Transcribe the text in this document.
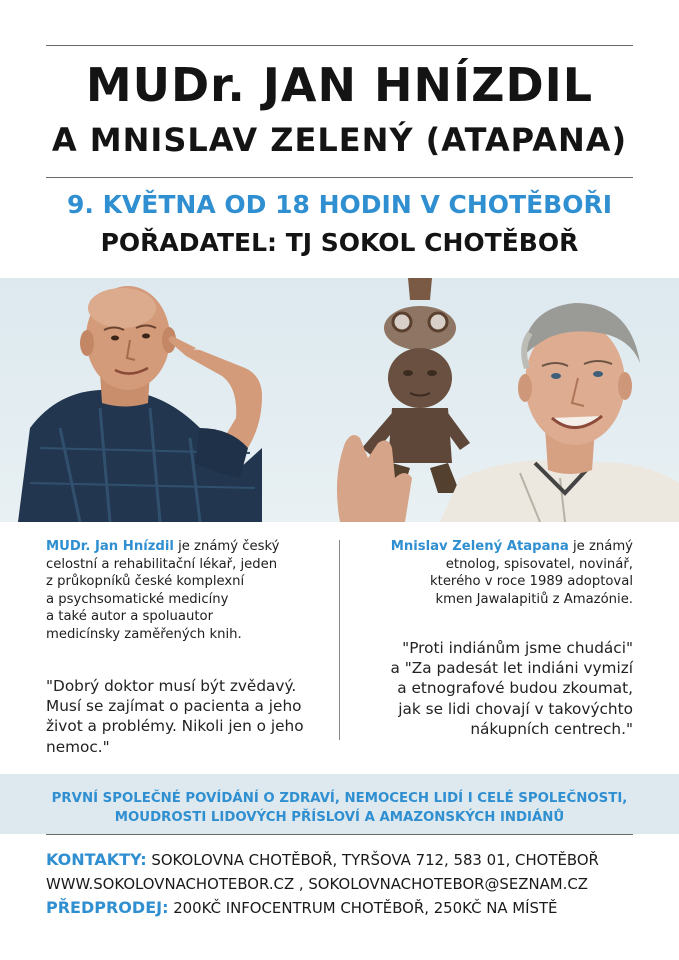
MUDr. JAN HNÍZDIL
A MNISLAV ZELENÝ (ATAPANA)
9. KVĚTNA OD 18 HODIN V CHOTĚBOŘI
POŘADATEL: TJ SOKOL CHOTĚBOŘ
MUDr. Jan Hnízdil je známý český
celostní a rehabilitační lékař, jeden
z průkopníků české komplexní
a psychsomatické medicíny
a také autor a spoluautor
medicínsky zaměřených knih.
"Dobrý doktor musí být zvědavý.
Musí se zajímat o pacienta a jeho
život a problémy. Nikoli jen o jeho
nemoc."
Mnislav Zelený Atapana je známý
etnolog, spisovatel, novinář,
kterého v roce 1989 adoptoval
kmen Jawalapitiů z Amazónie.
"Proti indiánům jsme chudáci"
a "Za padesát let indiáni vymizí
a etnografové budou zkoumat,
jak se lidi chovají v takovýchto
nákupních centrech."
PRVNÍ SPOLEČNÉ POVÍDÁNÍ O ZDRAVÍ, NEMOCECH LIDÍ I CELÉ SPOLEČNOSTI,
MOUDROSTI LIDOVÝCH PŘÍSLOVÍ A AMAZONSKÝCH INDIÁNŮ
KONTAKTY: SOKOLOVNA CHOTĚBOŘ, TYRŠOVA 712, 583 01, CHOTĚBOŘ
WWW.SOKOLOVNACHOTEBOR.CZ , SOKOLOVNACHOTEBOR@SEZNAM.CZ
PŘEDPRODEJ: 200KČ INFOCENTRUM CHOTĚBOŘ, 250KČ NA MÍSTĚ
